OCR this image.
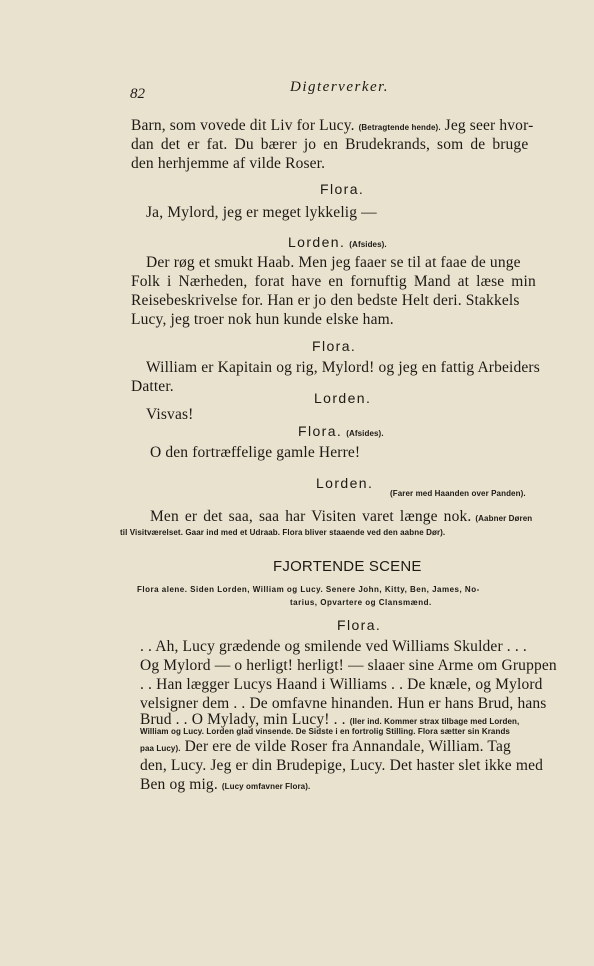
82	Digterverker.
Barn, som vovede dit Liv for Lucy. (Betragtende hende). Jeg seer hvor-
dan det er fat. Du bærer jo en Brudekrands, som de bruge
den herhjemme af vilde Roser.
Flora.
Ja, Mylord, jeg er meget lykkelig —
Lorden. (Afsides).
Der røg et smukt Haab. Men jeg faaer se til at faae de unge
Folk i Nærheden, forat have en fornuftig Mand at læse min
Reisebeskrivelse for. Han er jo den bedste Helt deri. Stakkels
Lucy, jeg troer nok hun kunde elske ham.
Flora.
William er Kapitain og rig, Mylord! og jeg en fattig Arbeiders
Datter.
Lorden.
Visvas!
Flora. (Afsides).
O den fortræffelige gamle Herre!
Lorden.
(Farer med Haanden over Panden).
Men er det saa, saa har Visiten varet længe nok. (Aabner Døren
til Visitværelset. Gaar ind med et Udraab. Flora bliver staaende ved den aabne Dør).
FJORTENDE SCENE
Flora alene. Siden Lorden, William og Lucy. Senere John, Kitty, Ben, James, No-
tarius, Opvartere og Clansmænd.
Flora.
. . Ah, Lucy grædende og smilende ved Williams Skulder . . .
Og Mylord — o herligt! herligt! — slaaer sine Arme om Gruppen
. . Han lægger Lucys Haand i Williams . . De knæle, og Mylord
velsigner dem . . De omfavne hinanden. Hun er hans Brud, hans
Brud . . O Mylady, min Lucy! . . (Iler ind. Kommer strax tilbage med Lorden,
William og Lucy. Lorden glad vinsende. De Sidste i en fortrolig Stilling. Flora sætter sin Krands
paa Lucy). Der ere de vilde Roser fra Annandale, William. Tag
den, Lucy. Jeg er din Brudepige, Lucy. Det haster slet ikke med
Ben og mig. (Lucy omfavner Flora).
